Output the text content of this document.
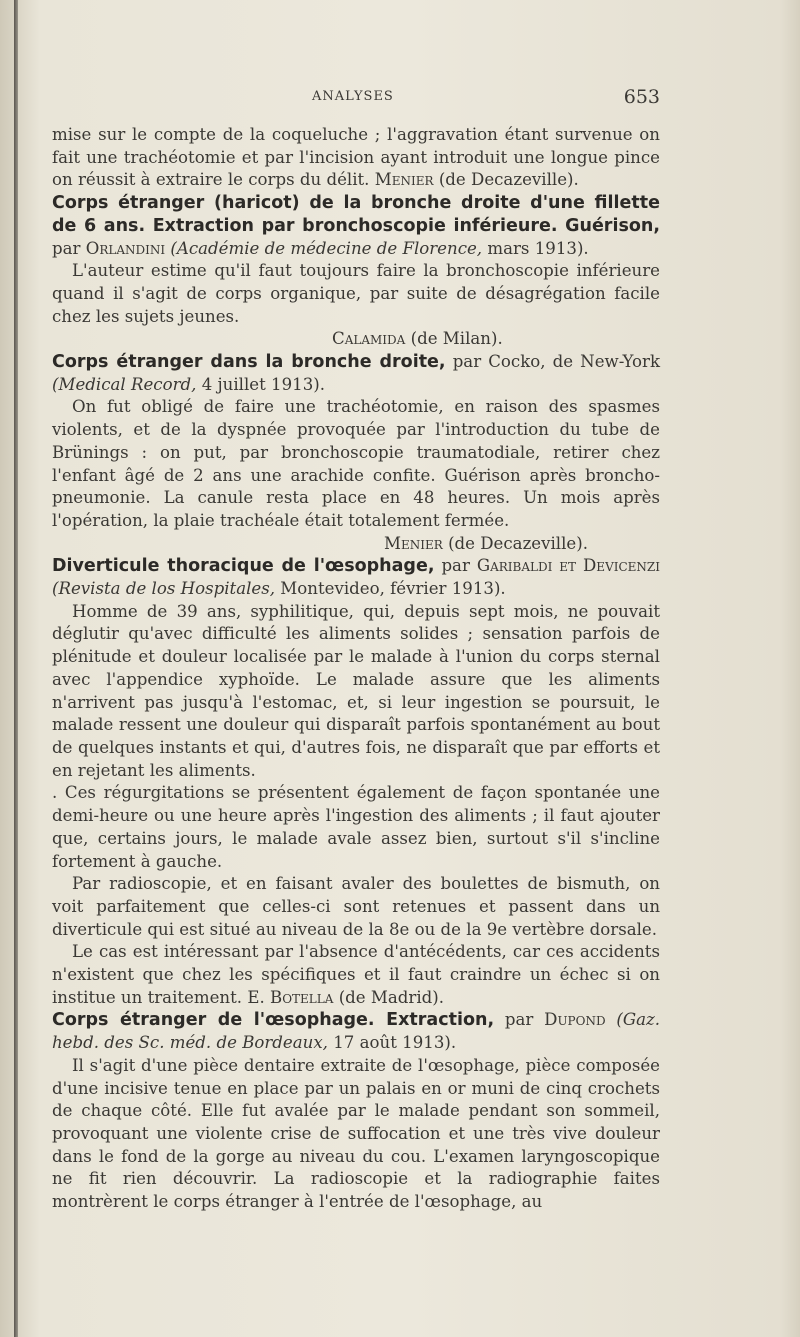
ANALYSES	653

mise sur le compte de la coqueluche ; l'aggravation étant survenue on fait une trachéotomie et par l'incision ayant introduit une longue pince on réussit à extraire le corps du délit. Menier (de Decazeville).

Corps étranger (haricot) de la bronche droite d'une fillette de 6 ans. Extraction par bronchoscopie inférieure. Guérison, par Orlandini (Académie de médecine de Florence, mars 1913).

L'auteur estime qu'il faut toujours faire la bronchoscopie inférieure quand il s'agit de corps organique, par suite de désagrégation facile chez les sujets jeunes.

Calamida (de Milan).

Corps étranger dans la bronche droite, par Cocko, de New-York (Medical Record, 4 juillet 1913).

On fut obligé de faire une trachéotomie, en raison des spasmes violents, et de la dyspnée provoquée par l'introduction du tube de Brünings : on put, par bronchoscopie traumatodiale, retirer chez l'enfant âgé de 2 ans une arachide confite. Guérison après broncho-pneumonie. La canule resta place en 48 heures. Un mois après l'opération, la plaie trachéale était totalement fermée.

Menier (de Decazeville).

Diverticule thoracique de l'œsophage, par Garibaldi et Devicenzi (Revista de los Hospitales, Montevideo, février 1913).

Homme de 39 ans, syphilitique, qui, depuis sept mois, ne pouvait déglutir qu'avec difficulté les aliments solides ; sensation parfois de plénitude et douleur localisée par le malade à l'union du corps sternal avec l'appendice xyphoïde. Le malade assure que les aliments n'arrivent pas jusqu'à l'estomac, et, si leur ingestion se poursuit, le malade ressent une douleur qui disparaît parfois spontanément au bout de quelques instants et qui, d'autres fois, ne disparaît que par efforts et en rejetant les aliments.

. Ces régurgitations se présentent également de façon spontanée une demi-heure ou une heure après l'ingestion des aliments ; il faut ajouter que, certains jours, le malade avale assez bien, surtout s'il s'incline fortement à gauche.

Par radioscopie, et en faisant avaler des boulettes de bismuth, on voit parfaitement que celles-ci sont retenues et passent dans un diverticule qui est situé au niveau de la 8e ou de la 9e vertèbre dorsale.

Le cas est intéressant par l'absence d'antécédents, car ces accidents n'existent que chez les spécifiques et il faut craindre un échec si on institue un traitement. E. Botella (de Madrid).

Corps étranger de l'œsophage. Extraction, par Dupond (Gaz. hebd. des Sc. méd. de Bordeaux, 17 août 1913).

Il s'agit d'une pièce dentaire extraite de l'œsophage, pièce composée d'une incisive tenue en place par un palais en or muni de cinq crochets de chaque côté. Elle fut avalée par le malade pendant son sommeil, provoquant une violente crise de suffocation et une très vive douleur dans le fond de la gorge au niveau du cou. L'examen laryngoscopique ne fit rien découvrir. La radioscopie et la radiographie faites montrèrent le corps étranger à l'entrée de l'œsophage, au
